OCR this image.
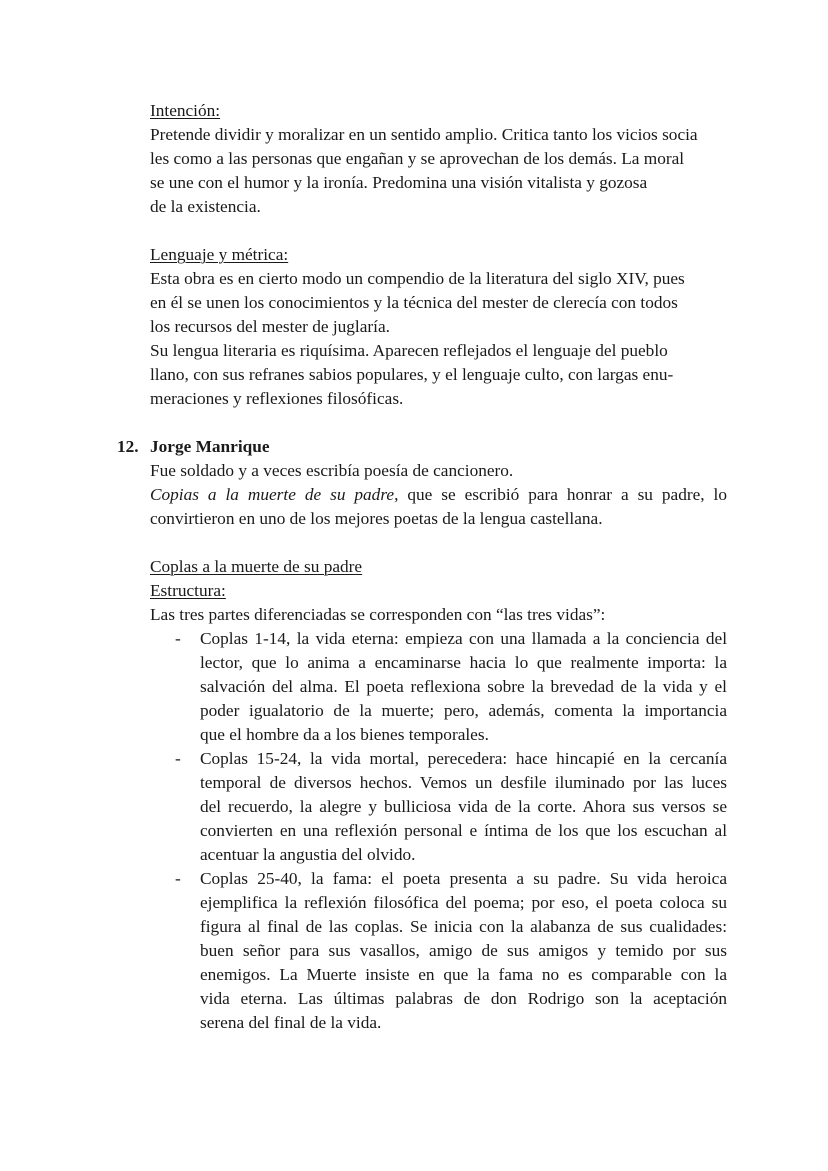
Intención:
Pretende dividir y moralizar en un sentido amplio. Critica tanto los vicios socia
les como a las personas que engañan y se aprovechan de los demás. La moral
se une con el humor y la ironía. Predomina una visión vitalista y gozosa
de la existencia.
Lenguaje y métrica:
Esta obra es en cierto modo un compendio de la literatura del siglo XIV, pues
en él se unen los conocimientos y la técnica del mester de clerecía con todos
los recursos del mester de juglaría.
Su lengua literaria es riquísima. Aparecen reflejados el lenguaje del pueblo
llano, con sus refranes sabios populares, y el lenguaje culto, con largas enu-
meraciones y reflexiones filosóficas.
12. Jorge Manrique
Fue soldado y a veces escribía poesía de cancionero.
Copias a la muerte de su padre, que se escribió para honrar a su padre, lo
convirtieron en uno de los mejores poetas de la lengua castellana.
Coplas a la muerte de su padre
Estructura:
Las tres partes diferenciadas se corresponden con “las tres vidas”:
- Coplas 1-14, la vida eterna: empieza con una llamada a la conciencia del
lector, que lo anima a encaminarse hacia lo que realmente importa: la
salvación del alma. El poeta reflexiona sobre la brevedad de la vida y el
poder igualatorio de la muerte; pero, además, comenta la importancia
que el hombre da a los bienes temporales.
- Coplas 15-24, la vida mortal, perecedera: hace hincapié en la cercanía
temporal de diversos hechos. Vemos un desfile iluminado por las luces
del recuerdo, la alegre y bulliciosa vida de la corte. Ahora sus versos se
convierten en una reflexión personal e íntima de los que los escuchan al
acentuar la angustia del olvido.
- Coplas 25-40, la fama: el poeta presenta a su padre. Su vida heroica
ejemplifica la reflexión filosófica del poema; por eso, el poeta coloca su
figura al final de las coplas. Se inicia con la alabanza de sus cualidades:
buen señor para sus vasallos, amigo de sus amigos y temido por sus
enemigos. La Muerte insiste en que la fama no es comparable con la
vida eterna. Las últimas palabras de don Rodrigo son la aceptación
serena del final de la vida.
